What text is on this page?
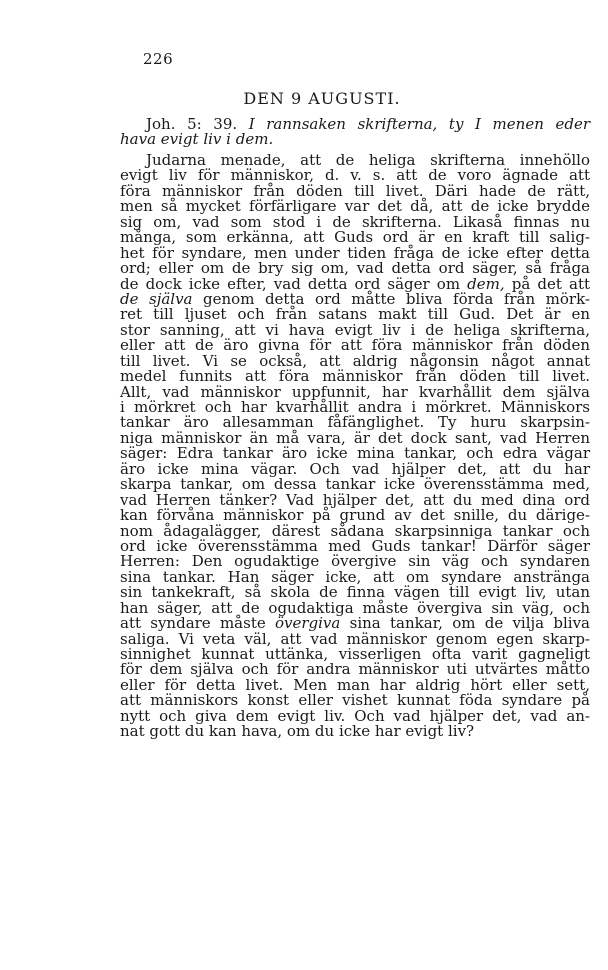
226
DEN 9 AUGUSTI.
Joh. 5: 39. I rannsaken skrifterna, ty I menen eder
hava evigt liv i dem.
Judarna menade, att de heliga skrifterna innehöllo
evigt liv för människor, d. v. s. att de voro ägnade att
föra människor från döden till livet. Däri hade de rätt,
men så mycket förfärligare var det då, att de icke brydde
sig om, vad som stod i de skrifterna. Likaså finnas nu
många, som erkänna, att Guds ord är en kraft till salig-
het för syndare, men under tiden fråga de icke efter detta
ord; eller om de bry sig om, vad detta ord säger, så fråga
de dock icke efter, vad detta ord säger om dem, på det att
de själva genom detta ord måtte bliva förda från mörk-
ret till ljuset och från satans makt till Gud. Det är en
stor sanning, att vi hava evigt liv i de heliga skrifterna,
eller att de äro givna för att föra människor från döden
till livet. Vi se också, att aldrig någonsin något annat
medel funnits att föra människor från döden till livet.
Allt, vad människor uppfunnit, har kvarhållit dem själva
i mörkret och har kvarhållit andra i mörkret. Människors
tankar äro allesamman fåfänglighet. Ty huru skarpsin-
niga människor än må vara, är det dock sant, vad Herren
säger: Edra tankar äro icke mina tankar, och edra vägar
äro icke mina vägar. Och vad hjälper det, att du har
skarpa tankar, om dessa tankar icke överensstämma med,
vad Herren tänker? Vad hjälper det, att du med dina ord
kan förvåna människor på grund av det snille, du därige-
nom ådagalägger, därest sådana skarpsinniga tankar och
ord icke överensstämma med Guds tankar! Därför säger
Herren: Den ogudaktige övergive sin väg och syndaren
sina tankar. Han säger icke, att om syndare anstränga
sin tankekraft, så skola de finna vägen till evigt liv, utan
han säger, att de ogudaktiga måste övergiva sin väg, och
att syndare måste övergiva sina tankar, om de vilja bliva
saliga. Vi veta väl, att vad människor genom egen skarp-
sinnighet kunnat uttänka, visserligen ofta varit gagneligt
för dem själva och för andra människor uti utvärtes måtto
eller för detta livet. Men man har aldrig hört eller sett,
att människors konst eller vishet kunnat föda syndare på
nytt och giva dem evigt liv. Och vad hjälper det, vad an-
nat gott du kan hava, om du icke har evigt liv?
